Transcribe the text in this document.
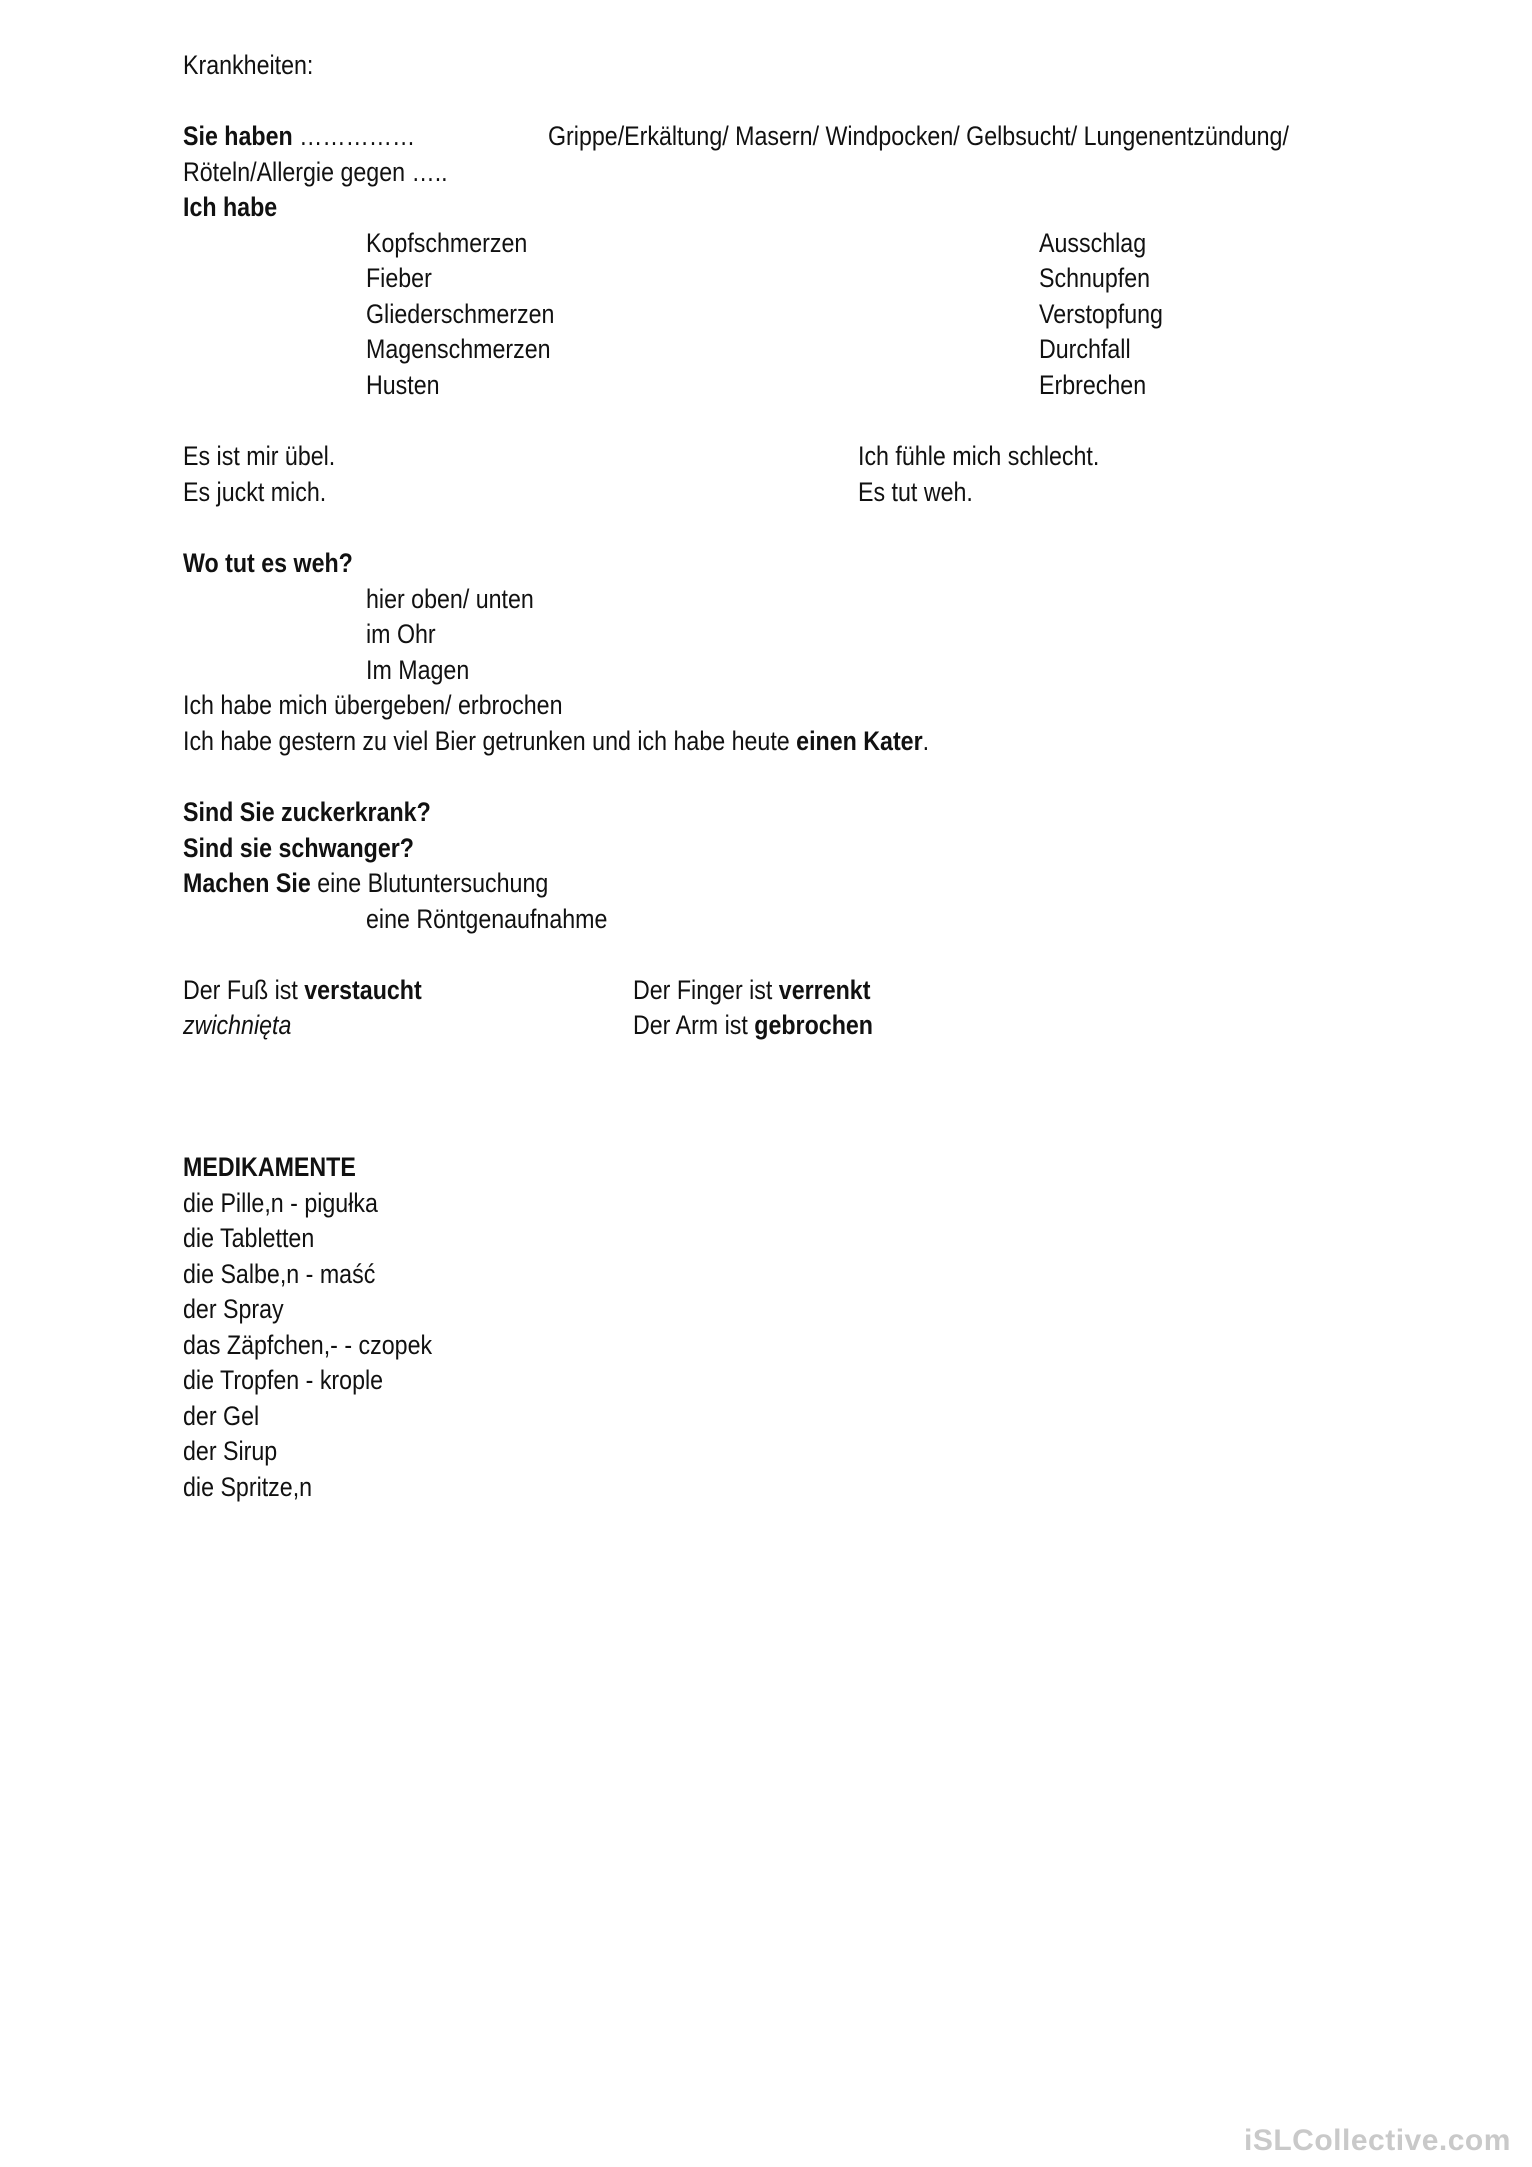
Krankheiten:
Sie haben ……………	Grippe/Erkältung/ Masern/ Windpocken/ Gelbsucht/ Lungenentzündung/
Röteln/Allergie gegen …..
Ich habe
Kopfschmerzen
Fieber
Gliederschmerzen
Magenschmerzen
Husten
Ausschlag
Schnupfen
Verstopfung
Durchfall
Erbrechen
Es ist mir übel.
Es juckt mich.
Ich fühle mich schlecht.
Es tut weh.
Wo tut es weh?
hier oben/ unten
im Ohr
Im Magen
Ich habe mich übergeben/ erbrochen
Ich habe gestern zu viel Bier getrunken und ich habe heute einen Kater.
Sind Sie zuckerkrank?
Sind sie schwanger?
Machen Sie eine Blutuntersuchung
eine Röntgenaufnahme
Der Fuß ist verstaucht
zwichnięta
Der Finger ist verrenkt
Der Arm ist gebrochen
MEDIKAMENTE
die Pille,n - pigułka
die Tabletten
die Salbe,n - maść
der Spray
das Zäpfchen,- - czopek
die Tropfen - krople
der Gel
der Sirup
die Spritze,n
iSLCollective.com
